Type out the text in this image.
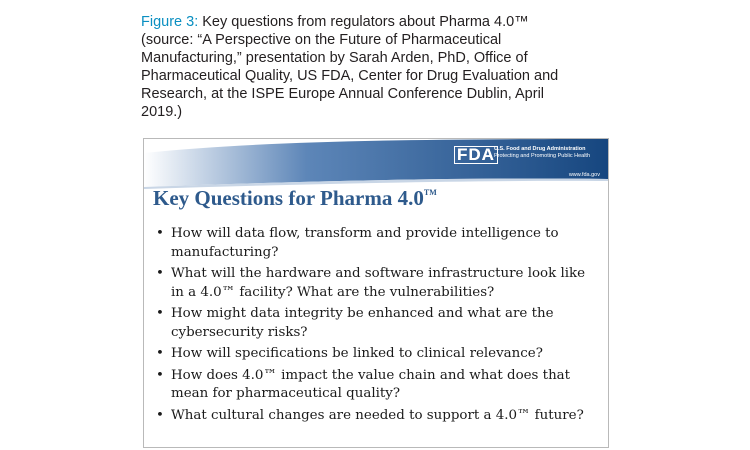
Figure 3: Key questions from regulators about Pharma 4.0™ (source: “A Perspective on the Future of Pharmaceutical Manufacturing,” presentation by Sarah Arden, PhD, Office of Pharmaceutical Quality, US FDA, Center for Drug Evaluation and Research, at the ISPE Europe Annual Conference Dublin, April 2019.)
FDA U.S. Food and Drug Administration
Protecting and Promoting Public Health
www.fda.gov
Key Questions for Pharma 4.0™
• How will data flow, transform and provide intelligence to manufacturing?
• What will the hardware and software infrastructure look like in a 4.0™ facility? What are the vulnerabilities?
• How might data integrity be enhanced and what are the cybersecurity risks?
• How will specifications be linked to clinical relevance?
• How does 4.0™ impact the value chain and what does that mean for pharmaceutical quality?
• What cultural changes are needed to support a 4.0™ future?
